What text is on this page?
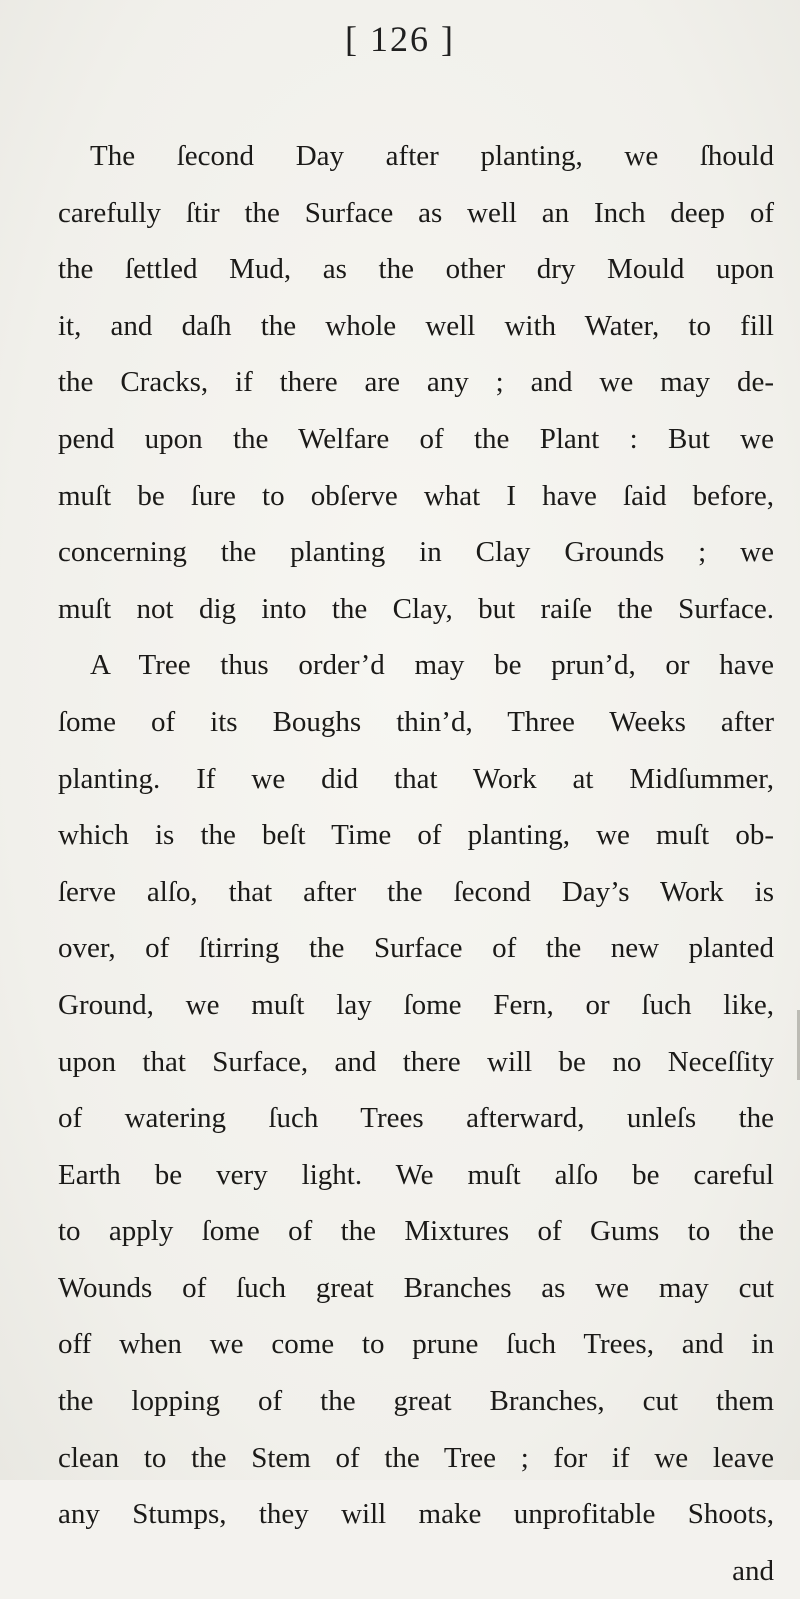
[ 126 ]
The ſecond Day after planting, we ſhould
carefully ſtir the Surface as well an Inch deep of
the ſettled Mud, as the other dry Mould upon
it, and daſh the whole well with Water, to fill
the Cracks, if there are any ; and we may de-
pend upon the Welfare of the Plant : But we
muſt be ſure to obſerve what I have ſaid before,
concerning the planting in Clay Grounds ; we
muſt not dig into the Clay, but raiſe the Surface.
A Tree thus order’d may be prun’d, or have
ſome of its Boughs thin’d, Three Weeks after
planting. If we did that Work at Midſummer,
which is the beſt Time of planting, we muſt ob-
ſerve alſo, that after the ſecond Day’s Work is
over, of ſtirring the Surface of the new planted
Ground, we muſt lay ſome Fern, or ſuch like,
upon that Surface, and there will be no Neceſſity
of watering ſuch Trees afterward, unleſs the
Earth be very light. We muſt alſo be careful
to apply ſome of the Mixtures of Gums to the
Wounds of ſuch great Branches as we may cut
off when we come to prune ſuch Trees, and in
the lopping of the great Branches, cut them
clean to the Stem of the Tree ; for if we leave
any Stumps, they will make unprofitable Shoots,
and
